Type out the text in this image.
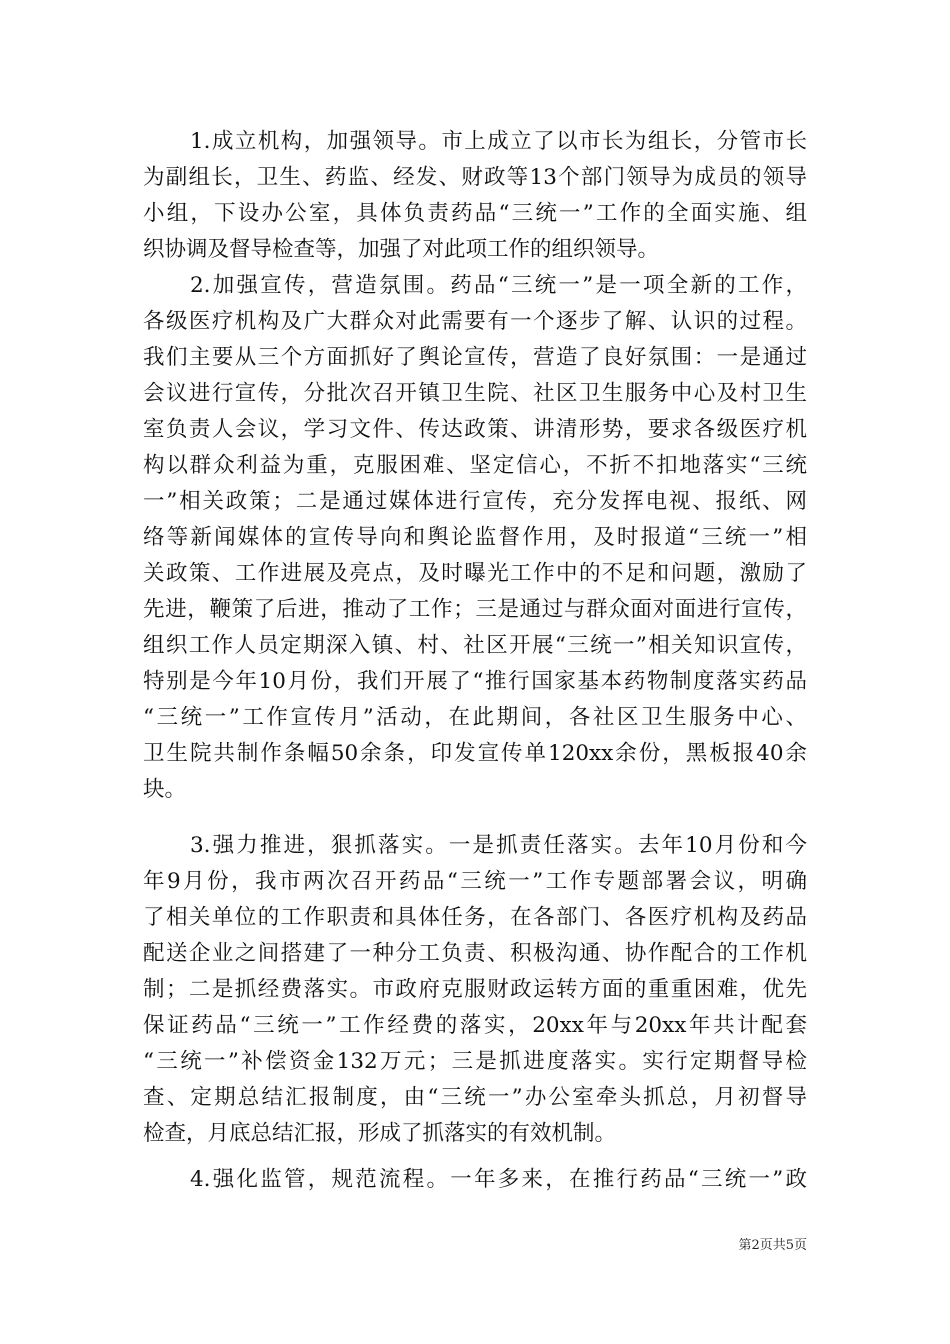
1.成立机构，加强领导。市上成立了以市长为组长，分管市长
为副组长，卫生、药监、经发、财政等13个部门领导为成员的领导
小组，下设办公室，具体负责药品“三统一”工作的全面实施、组
织协调及督导检查等，加强了对此项工作的组织领导。
2.加强宣传，营造氛围。药品“三统一”是一项全新的工作，
各级医疗机构及广大群众对此需要有一个逐步了解、认识的过程。
我们主要从三个方面抓好了舆论宣传，营造了良好氛围：一是通过
会议进行宣传，分批次召开镇卫生院、社区卫生服务中心及村卫生
室负责人会议，学习文件、传达政策、讲清形势，要求各级医疗机
构以群众利益为重，克服困难、坚定信心，不折不扣地落实“三统
一”相关政策；二是通过媒体进行宣传，充分发挥电视、报纸、网
络等新闻媒体的宣传导向和舆论监督作用，及时报道“三统一”相
关政策、工作进展及亮点，及时曝光工作中的不足和问题，激励了
先进，鞭策了后进，推动了工作；三是通过与群众面对面进行宣传，
组织工作人员定期深入镇、村、社区开展“三统一”相关知识宣传，
特别是今年10月份，我们开展了“推行国家基本药物制度落实药品
“三统一”工作宣传月”活动，在此期间，各社区卫生服务中心、
卫生院共制作条幅50余条，印发宣传单120xx余份，黑板报40余
块。
3.强力推进，狠抓落实。一是抓责任落实。去年10月份和今
年9月份，我市两次召开药品“三统一”工作专题部署会议，明确
了相关单位的工作职责和具体任务，在各部门、各医疗机构及药品
配送企业之间搭建了一种分工负责、积极沟通、协作配合的工作机
制；二是抓经费落实。市政府克服财政运转方面的重重困难，优先
保证药品“三统一”工作经费的落实，20xx年与20xx年共计配套
“三统一”补偿资金132万元；三是抓进度落实。实行定期督导检
查、定期总结汇报制度，由“三统一”办公室牵头抓总，月初督导
检查，月底总结汇报，形成了抓落实的有效机制。
4.强化监管，规范流程。一年多来，在推行药品“三统一”政
第2页共5页
